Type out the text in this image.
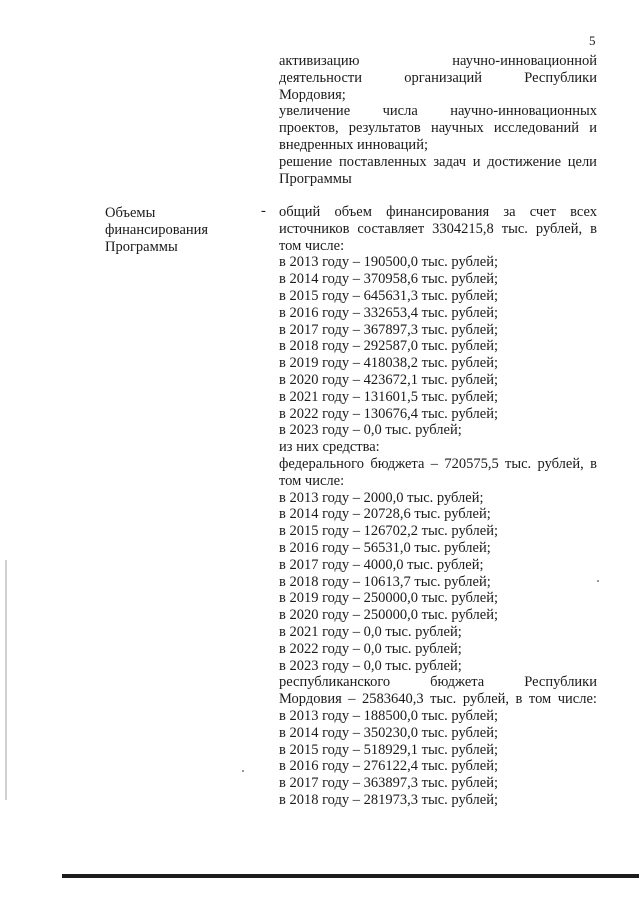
5
активизацию	научно-инновационной
деятельности	организаций	Республики
Мордовия;
увеличение числа научно-инновационных
проектов, результатов научных исследований и
внедренных инноваций;
решение поставленных задач и достижение цели
Программы
Объемы
финансирования
Программы
- общий объем финансирования за счет всех
источников составляет 3304215,8 тыс. рублей, в
том числе:
в 2013 году – 190500,0 тыс. рублей;
в 2014 году – 370958,6 тыс. рублей;
в 2015 году – 645631,3 тыс. рублей;
в 2016 году – 332653,4 тыс. рублей;
в 2017 году – 367897,3 тыс. рублей;
в 2018 году – 292587,0 тыс. рублей;
в 2019 году – 418038,2 тыс. рублей;
в 2020 году – 423672,1 тыс. рублей;
в 2021 году – 131601,5 тыс. рублей;
в 2022 году – 130676,4 тыс. рублей;
в 2023 году – 0,0 тыс. рублей;
из них средства:
федерального бюджета – 720575,5 тыс. рублей, в
том числе:
в 2013 году – 2000,0 тыс. рублей;
в 2014 году – 20728,6 тыс. рублей;
в 2015 году – 126702,2 тыс. рублей;
в 2016 году – 56531,0 тыс. рублей;
в 2017 году – 4000,0 тыс. рублей;
в 2018 году – 10613,7 тыс. рублей;
в 2019 году – 250000,0 тыс. рублей;
в 2020 году – 250000,0 тыс. рублей;
в 2021 году – 0,0 тыс. рублей;
в 2022 году – 0,0 тыс. рублей;
в 2023 году – 0,0 тыс. рублей;
республиканского	бюджета	Республики
Мордовия – 2583640,3 тыс. рублей, в том числе:
в 2013 году – 188500,0 тыс. рублей;
в 2014 году – 350230,0 тыс. рублей;
в 2015 году – 518929,1 тыс. рублей;
в 2016 году – 276122,4 тыс. рублей;
в 2017 году – 363897,3 тыс. рублей;
в 2018 году – 281973,3 тыс. рублей;
